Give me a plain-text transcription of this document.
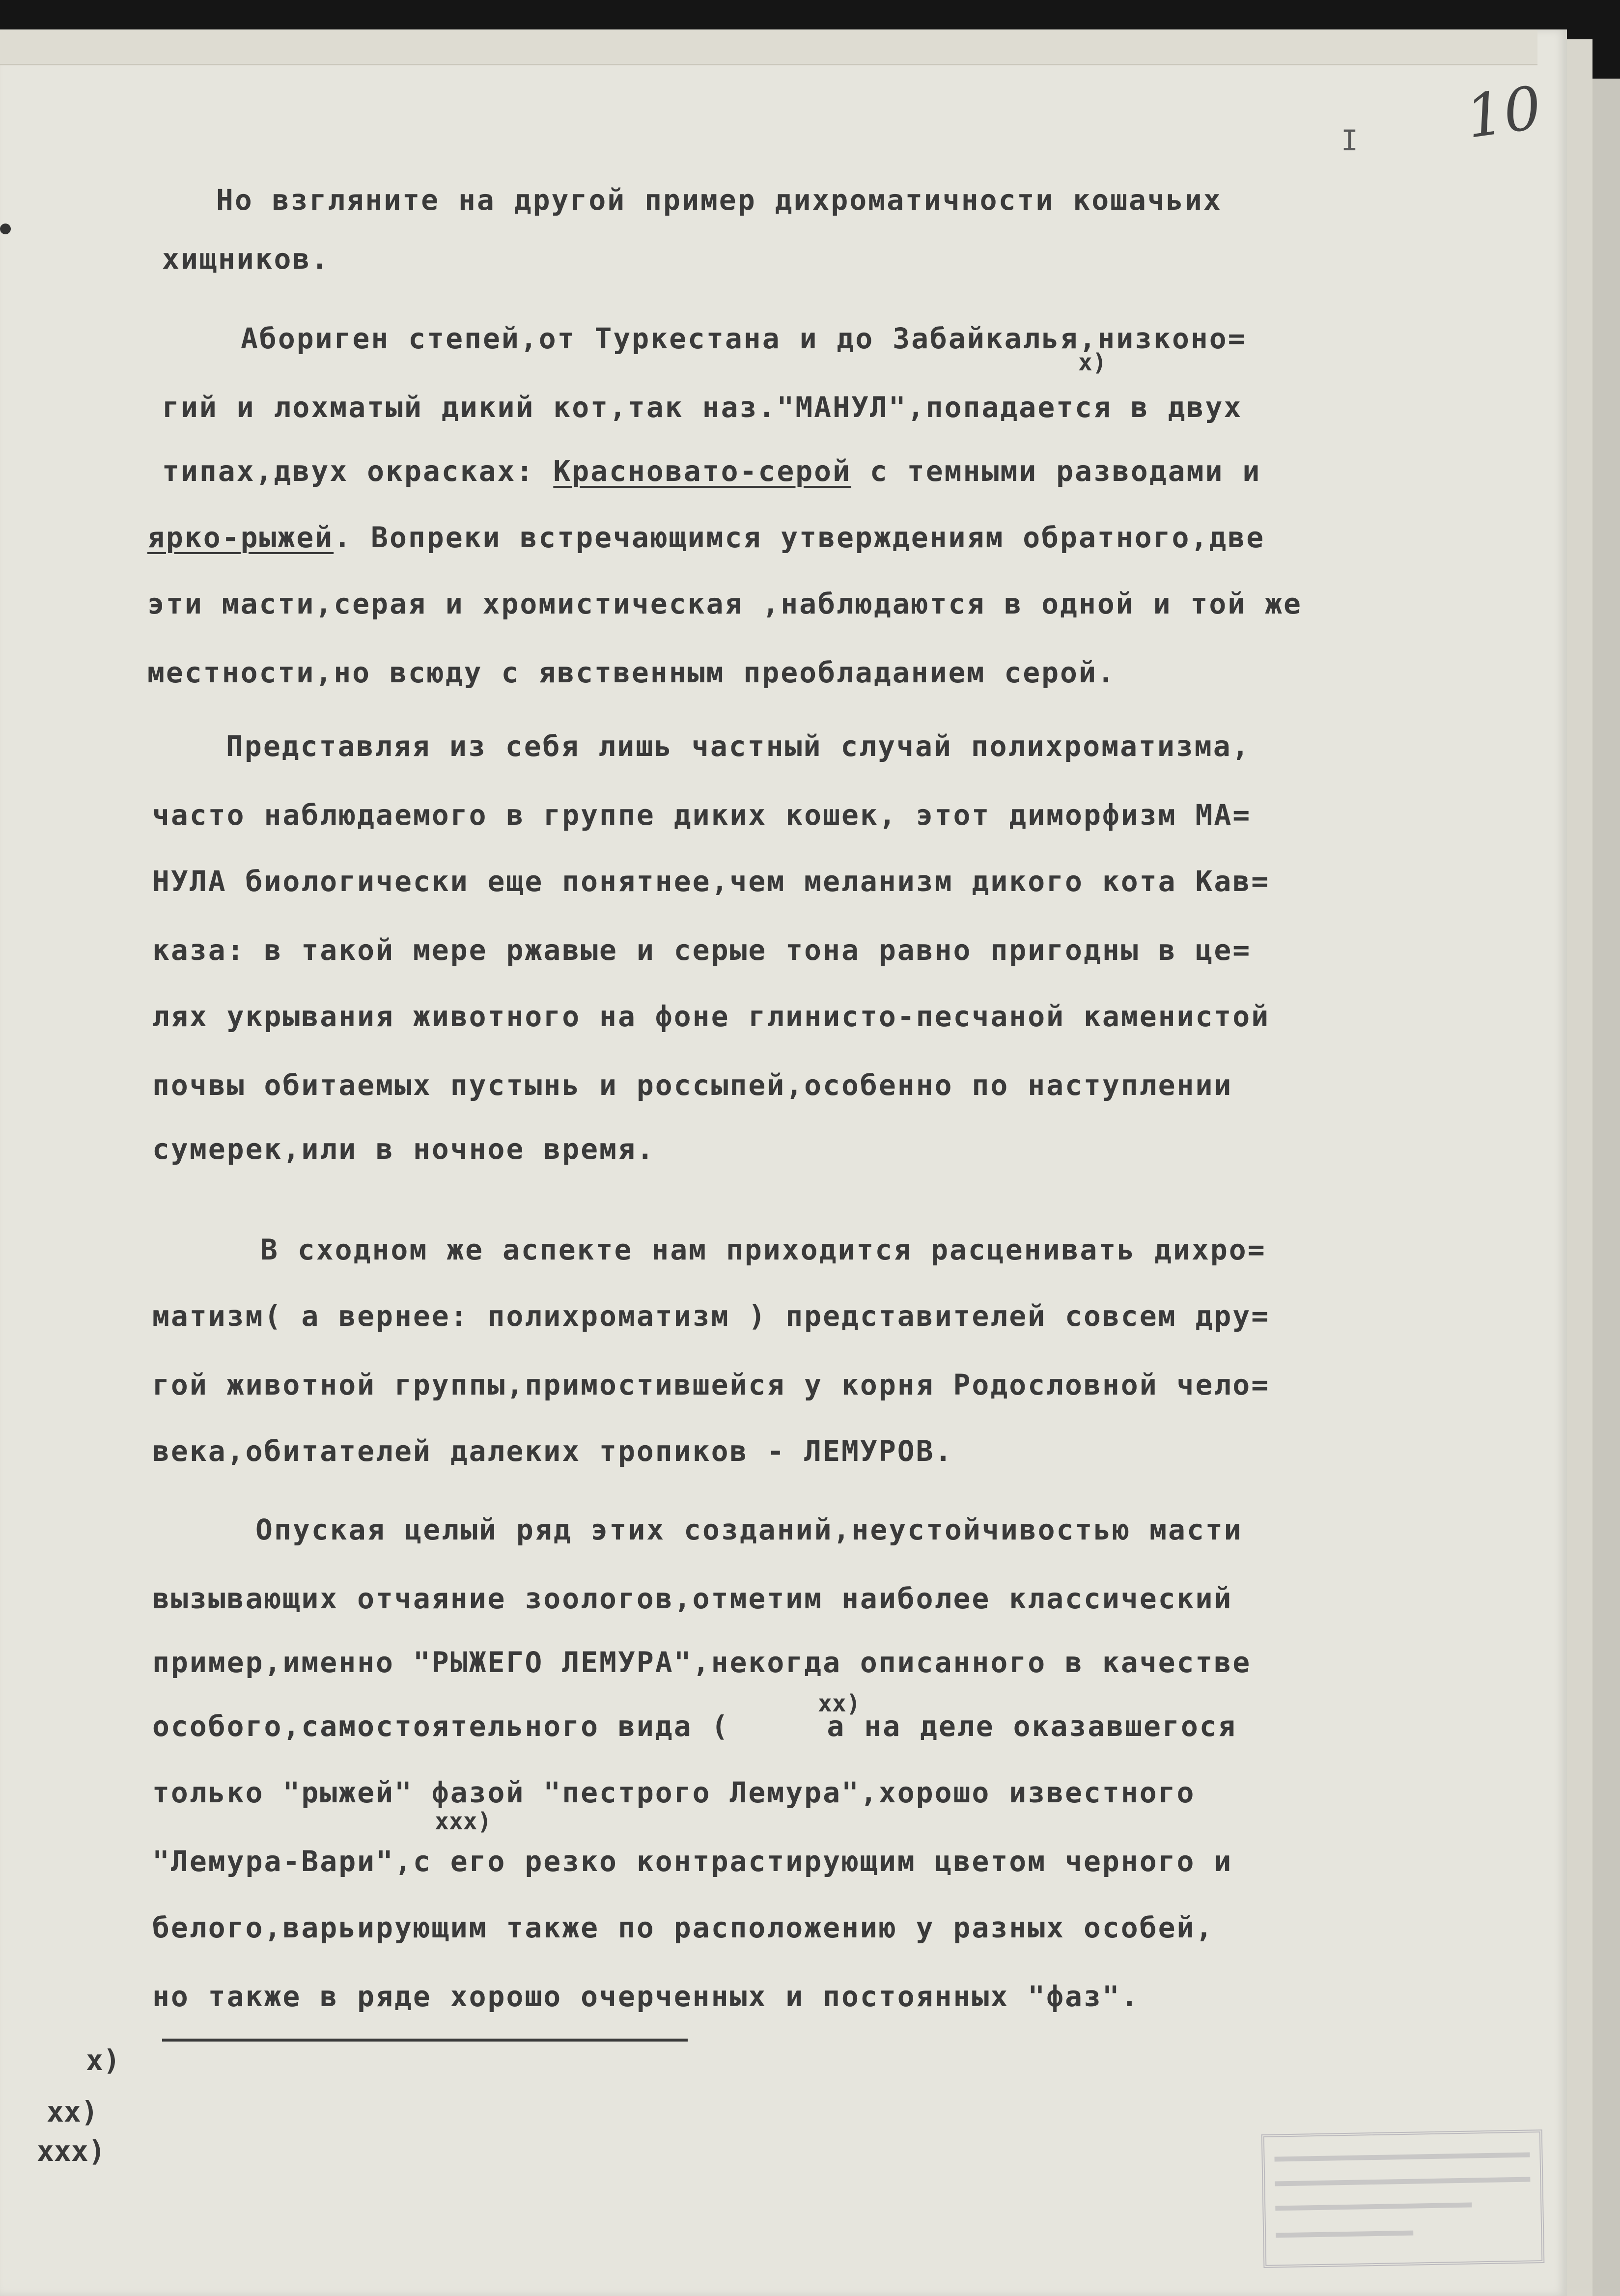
I 10
Но взгляните на другой пример дихроматичности кошачьих
хищников.
Абориген степей,от Туркестана и до Забайкалья,низконо=
х)
гий и лохматый дикий кот,так наз."МАНУЛ",попадается в двух
типах,двух окрасках: Красновато-серой с темными разводами и
ярко-рыжей. Вопреки встречающимся утверждениям обратного,две
эти масти,серая и хромистическая ,наблюдаются в одной и той же
местности,но всюду с явственным преобладанием серой.
Представляя из себя лишь частный случай полихроматизма,
часто наблюдаемого в группе диких кошек, этот диморфизм МА=
НУЛА биологически еще понятнее,чем меланизм дикого кота Кав=
каза: в такой мере ржавые и серые тона равно пригодны в це=
лях укрывания животного на фоне глинисто-песчаной каменистой
почвы обитаемых пустынь и россыпей,особенно по наступлении
сумерек,или в ночное время.
В сходном же аспекте нам приходится расценивать дихро=
матизм( а вернее: полихроматизм ) представителей совсем дру=
гой животной группы,примостившейся у корня Родословной чело=
века,обитателей далеких тропиков - ЛЕМУРОВ.
Опуская целый ряд этих созданий,неустойчивостью масти
вызывающих отчаяние зоологов,отметим наиболее классический
пример,именно "РЫЖЕГО ЛЕМУРА",некогда описанного в качестве
особого,самостоятельного вида (	а на деле оказавшегося
хх)
только "рыжей" фазой "пестрого Лемура",хорошо известного
ххх)
"Лемура-Вари",с его резко контрастирующим цветом черного и
белого,варьирующим также по расположению у разных особей,
но также в ряде хорошо очерченных и постоянных "фаз".
х)
хх)
ххх)
